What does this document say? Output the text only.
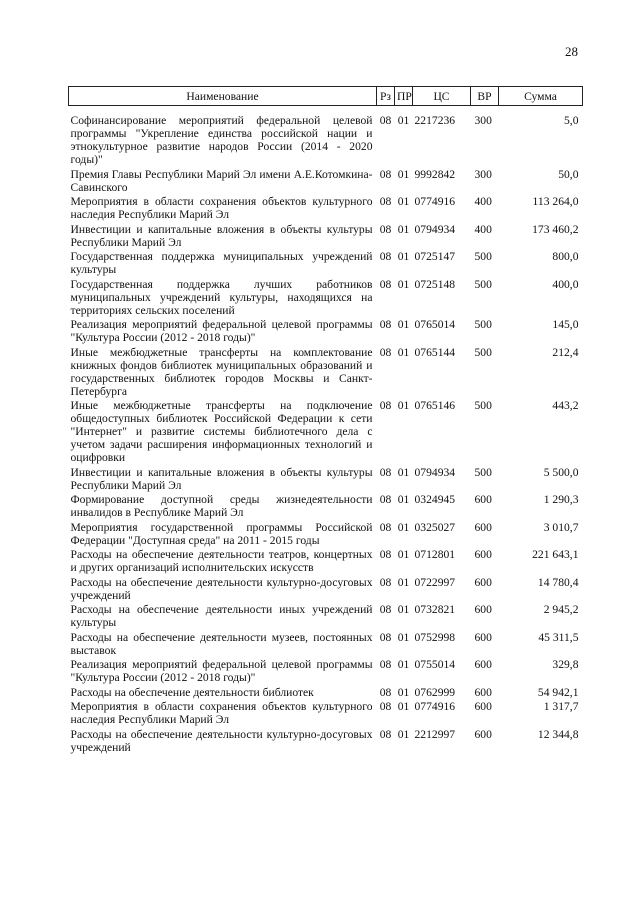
28
Наименование	Рз	ПР	ЦС	ВР	Сумма
Софинансирование мероприятий федеральной целевой программы "Укрепление единства российской нации и этнокультурное развитие народов России (2014 - 2020 годы)"	08	01	2217236	300	5,0
Премия Главы Республики Марий Эл имени А.Е.Котомкина-Савинского	08	01	9992842	300	50,0
Мероприятия в области сохранения объектов культурного наследия Республики Марий Эл	08	01	0774916	400	113 264,0
Инвестиции и капитальные вложения в объекты культуры Республики Марий Эл	08	01	0794934	400	173 460,2
Государственная поддержка муниципальных учреждений культуры	08	01	0725147	500	800,0
Государственная поддержка лучших работников муниципальных учреждений культуры, находящихся на территориях сельских поселений	08	01	0725148	500	400,0
Реализация мероприятий федеральной целевой программы "Культура России (2012 - 2018 годы)"	08	01	0765014	500	145,0
Иные межбюджетные трансферты на комплектование книжных фондов библиотек муниципальных образований и государственных библиотек городов Москвы и Санкт-Петербурга	08	01	0765144	500	212,4
Иные межбюджетные трансферты на подключение общедоступных библиотек Российской Федерации к сети "Интернет" и развитие системы библиотечного дела с учетом задачи расширения информационных технологий и оцифровки	08	01	0765146	500	443,2
Инвестиции и капитальные вложения в объекты культуры Республики Марий Эл	08	01	0794934	500	5 500,0
Формирование доступной среды жизнедеятельности инвалидов в Республике Марий Эл	08	01	0324945	600	1 290,3
Мероприятия государственной программы Российской Федерации "Доступная среда" на 2011 - 2015 годы	08	01	0325027	600	3 010,7
Расходы на обеспечение деятельности театров, концертных и других организаций исполнительских искусств	08	01	0712801	600	221 643,1
Расходы на обеспечение деятельности культурно-досуговых учреждений	08	01	0722997	600	14 780,4
Расходы на обеспечение деятельности иных учреждений культуры	08	01	0732821	600	2 945,2
Расходы на обеспечение деятельности музеев, постоянных выставок	08	01	0752998	600	45 311,5
Реализация мероприятий федеральной целевой программы "Культура России (2012 - 2018 годы)"	08	01	0755014	600	329,8
Расходы на обеспечение деятельности библиотек	08	01	0762999	600	54 942,1
Мероприятия в области сохранения объектов культурного наследия Республики Марий Эл	08	01	0774916	600	1 317,7
Расходы на обеспечение деятельности культурно-досуговых учреждений	08	01	2212997	600	12 344,8
